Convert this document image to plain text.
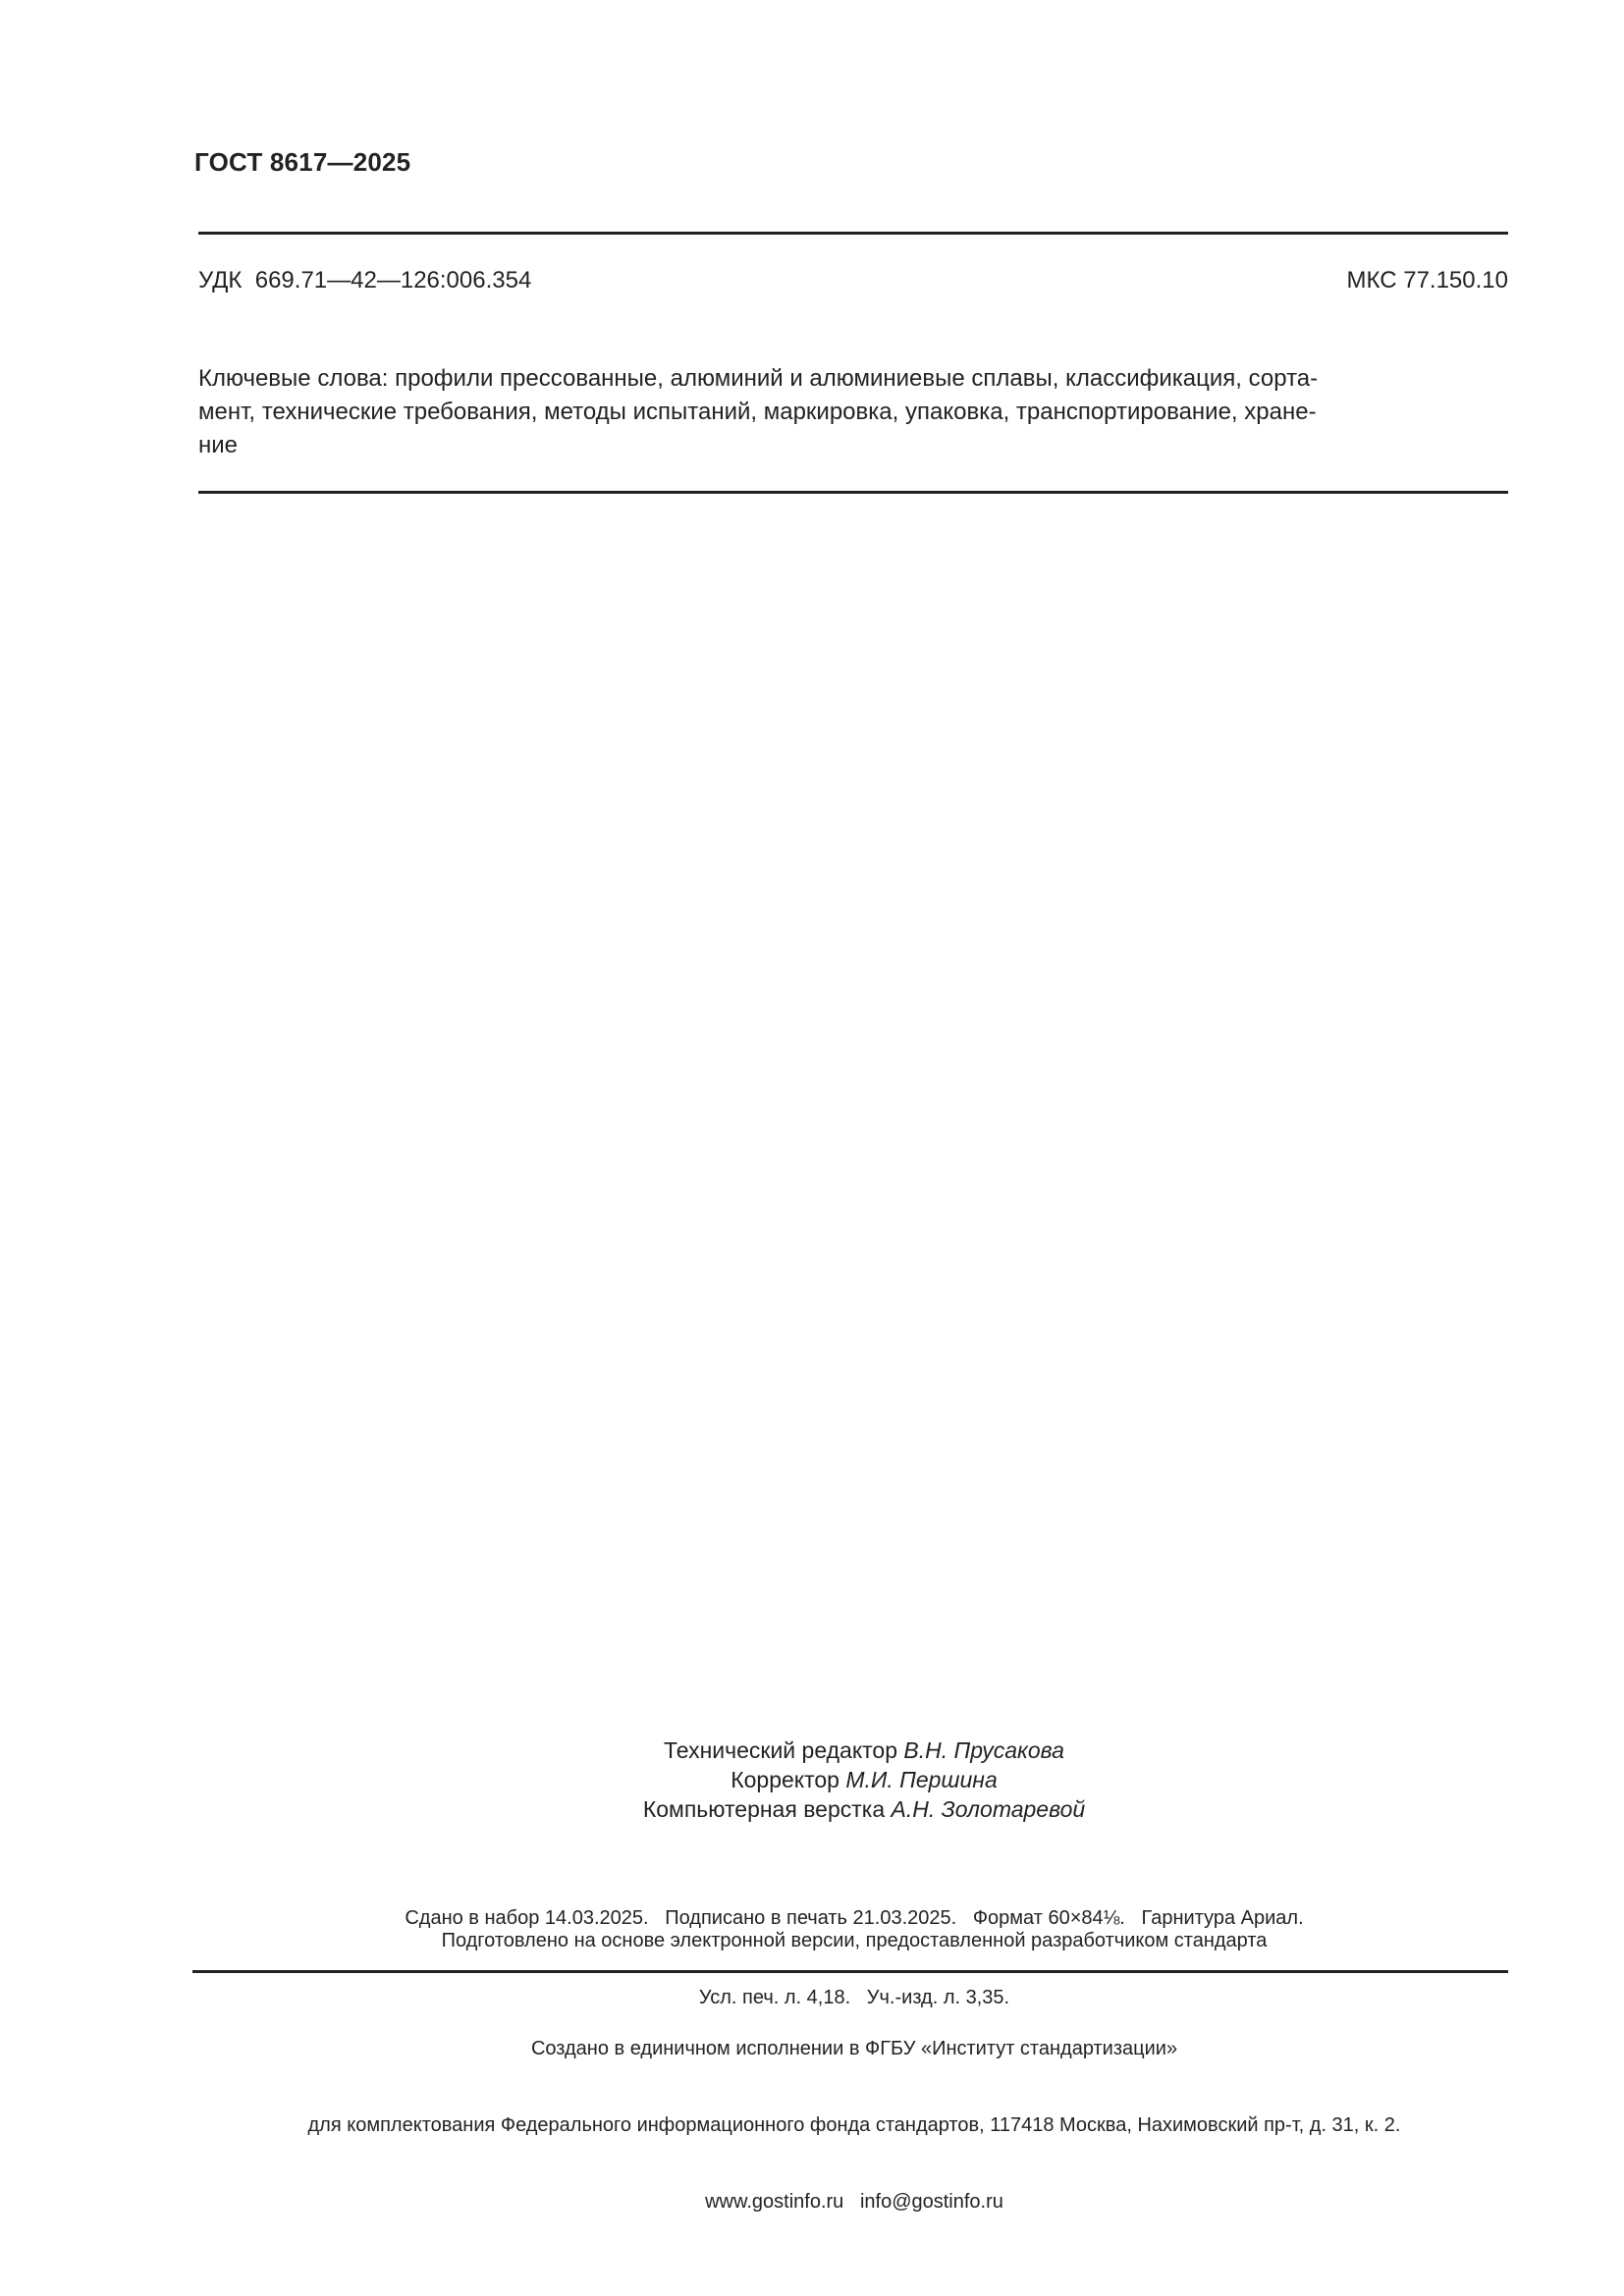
ГОСТ 8617—2025
УДК  669.71—42—126:006.354	МКС 77.150.10
Ключевые слова: профили прессованные, алюминий и алюминиевые сплавы, классификация, сорта-
мент, технические требования, методы испытаний, маркировка, упаковка, транспортирование, хране-
ние
Технический редактор В.Н. Прусакова
Корректор М.И. Першина
Компьютерная верстка А.Н. Золотаревой

Сдано в набор 14.03.2025.   Подписано в печать 21.03.2025.   Формат 60×84⅛.   Гарнитура Ариал.

Усл. печ. л. 4,18.   Уч.-изд. л. 3,35.

Подготовлено на основе электронной версии, предоставленной разработчиком стандарта

Создано в единичном исполнении в ФГБУ «Институт стандартизации»

для комплектования Федерального информационного фонда стандартов, 117418 Москва, Нахимовский пр-т, д. 31, к. 2.

www.gostinfo.ru info@gostinfo.ru
